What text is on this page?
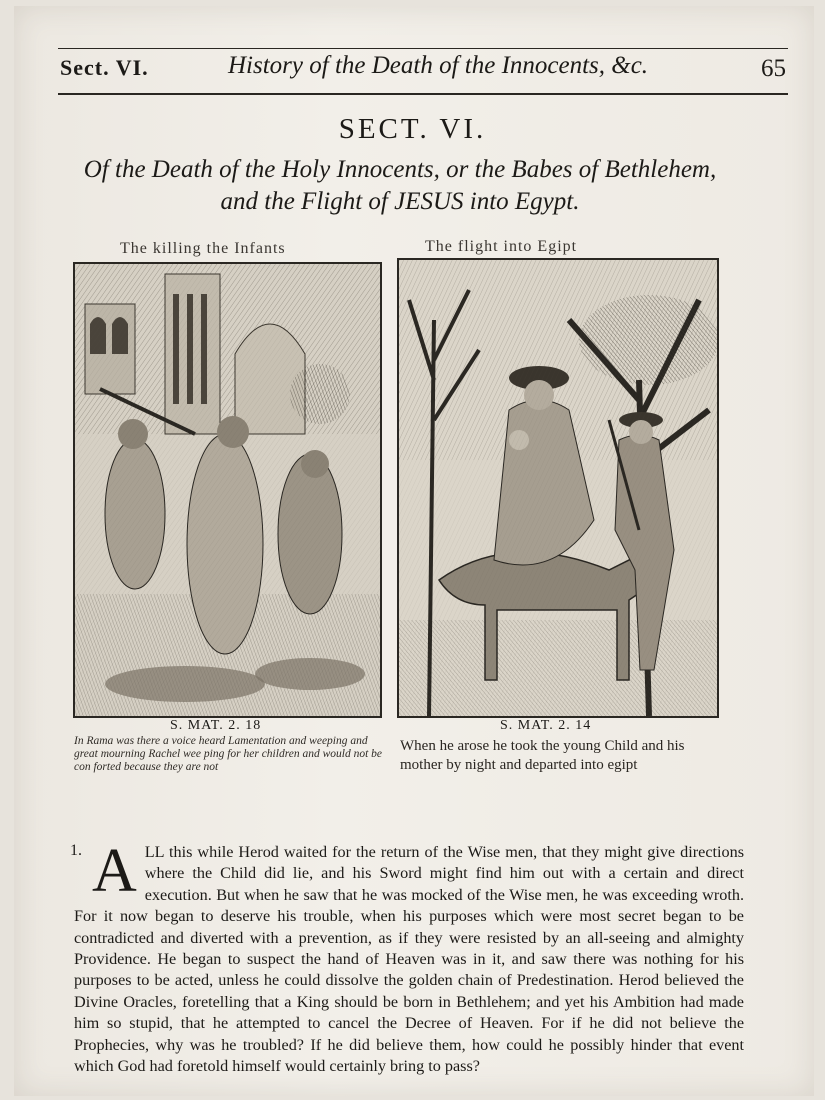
Sect. VI.	History of the Death of the Innocents, &c.	65
SECT. VI.
Of the Death of the Holy Innocents, or the Babes of Bethlehem,
and the Flight of JESUS into Egypt.
The killing the Infants
S. MAT. 2. 18
In Rama was there a voice heard Lamentation and weeping and great mourning Rachel wee ping for her children and would not be con forted because they are not
The flight into Egipt
S. MAT. 2. 14
When he arose he took the young Child and his mother by night and departed into egipt
1. A LL this while Herod waited for the return of the Wise men, that they might give directions where the Child did lie, and his Sword might find him out with a certain and direct execution. But when he saw that he was mocked of the Wise men, he was exceeding wroth. For it now began to deserve his trouble, when his purposes which were most secret began to be contradicted and diverted with a prevention, as if they were resisted by an all-seeing and almighty Providence. He began to suspect the hand of Heaven was in it, and saw there was nothing for his purposes to be acted, unless he could dissolve the golden chain of Predestination. Herod believed the Divine Oracles, foretelling that a King should be born in Bethlehem; and yet his Ambition had made him so stupid, that he attempted to cancel the Decree of Heaven. For if he did not believe the Prophecies, why was he troubled? If he did believe them, how could he possibly hinder that event which God had foretold himself would certainly bring to pass?
